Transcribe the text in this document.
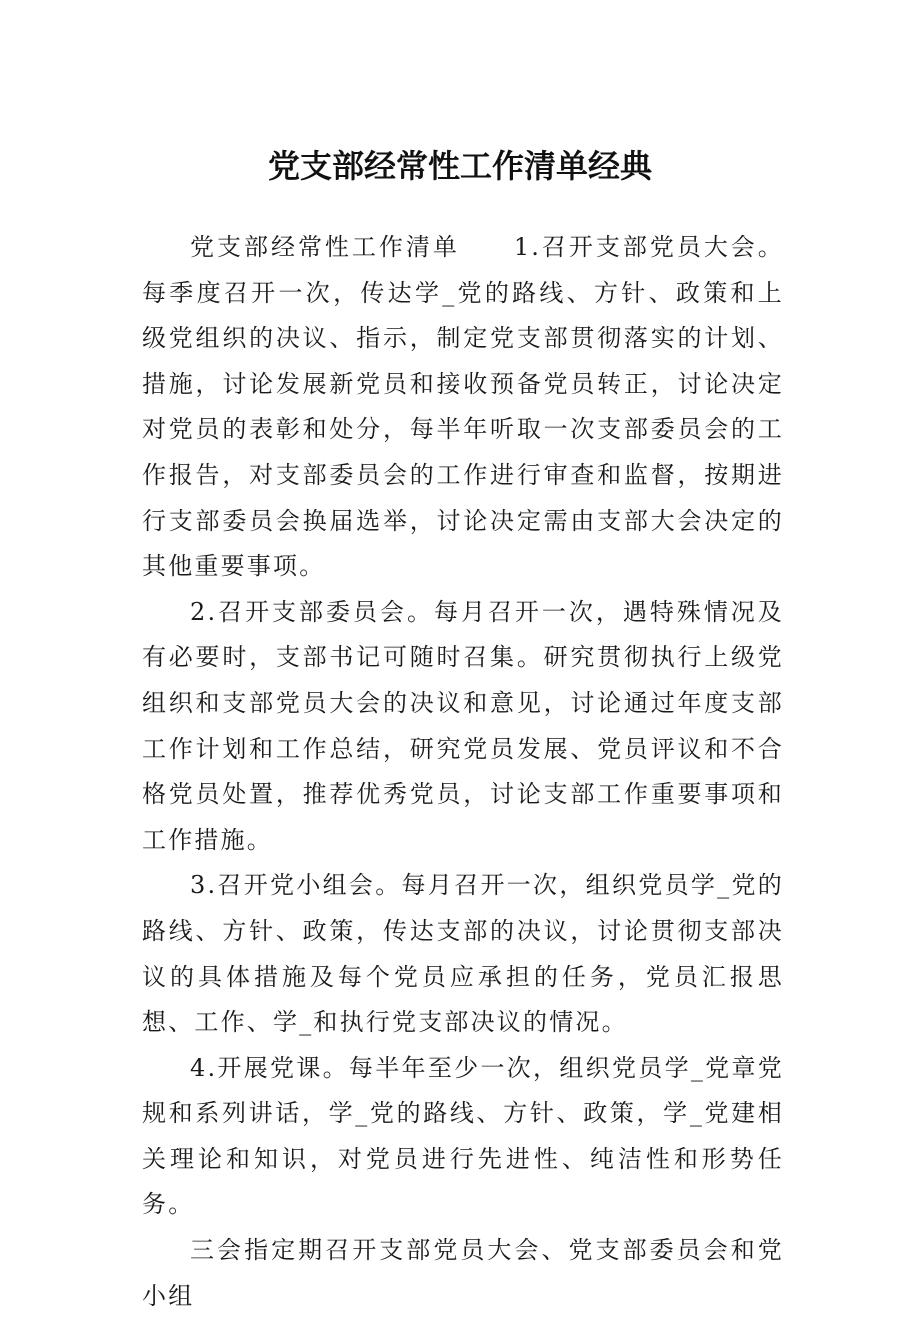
党支部经常性工作清单经典

党支部经常性工作清单　　1.召开支部党员大会。每季度召开一次，传达学_党的路线、方针、政策和上级党组织的决议、指示，制定党支部贯彻落实的计划、措施，讨论发展新党员和接收预备党员转正，讨论决定对党员的表彰和处分，每半年听取一次支部委员会的工作报告，对支部委员会的工作进行审查和监督，按期进行支部委员会换届选举，讨论决定需由支部大会决定的其他重要事项。

2.召开支部委员会。每月召开一次，遇特殊情况及有必要时，支部书记可随时召集。研究贯彻执行上级党组织和支部党员大会的决议和意见，讨论通过年度支部工作计划和工作总结，研究党员发展、党员评议和不合格党员处置，推荐优秀党员，讨论支部工作重要事项和工作措施。

3.召开党小组会。每月召开一次，组织党员学_党的路线、方针、政策，传达支部的决议，讨论贯彻支部决议的具体措施及每个党员应承担的任务，党员汇报思想、工作、学_和执行党支部决议的情况。

4.开展党课。每半年至少一次，组织党员学_党章党规和系列讲话，学_党的路线、方针、政策，学_党建相关理论和知识，对党员进行先进性、纯洁性和形势任务。

三会指定期召开支部党员大会、党支部委员会和党小组
